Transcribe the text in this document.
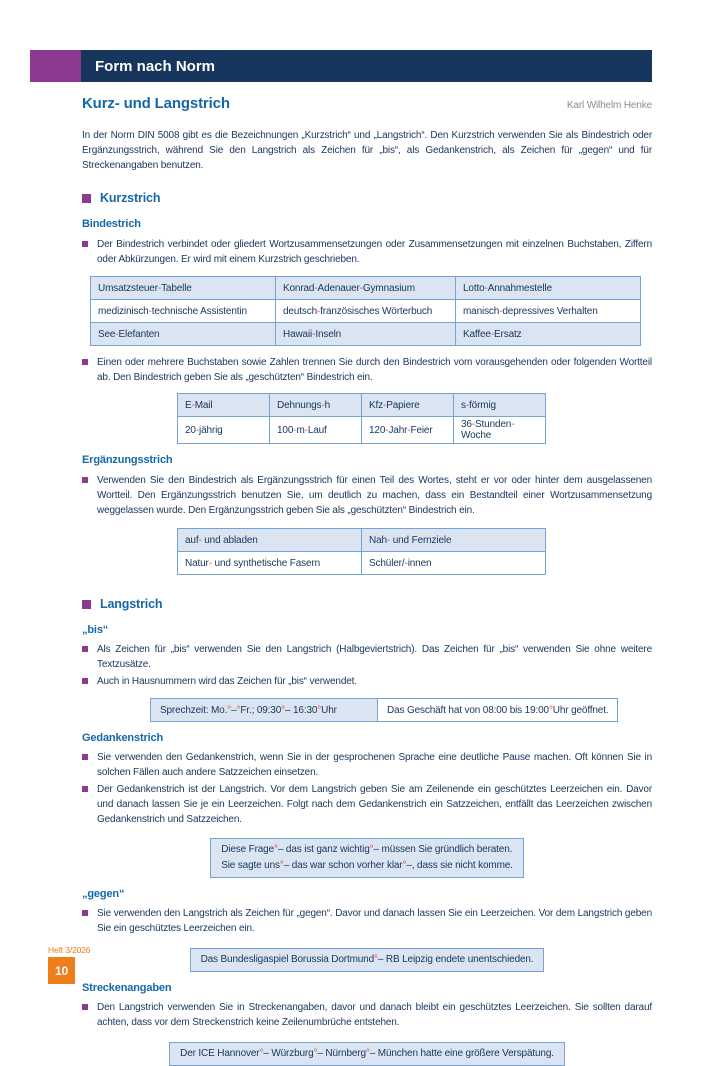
Form nach Norm
Kurz- und Langstrich	Karl Wilhelm Henke

In der Norm DIN 5008 gibt es die Bezeichnungen „Kurzstrich“ und „Langstrich“. Den Kurzstrich verwenden Sie als Bindestrich oder Ergänzungsstrich, während Sie den Langstrich als Zeichen für „bis“, als Gedankenstrich, als Zeichen für „gegen“ und für Streckenangaben benutzen.

Kurzstrich
Bindestrich
Der Bindestrich verbindet oder gliedert Wortzusammensetzungen oder Zusammensetzungen mit einzelnen Buchstaben, Ziffern oder Abkürzungen. Er wird mit einem Kurzstrich geschrieben.
Umsatzsteuer-Tabelle	Konrad-Adenauer-Gymnasium	Lotto-Annahmestelle
medizinisch-technische Assistentin	deutsch-französisches Wörterbuch	manisch-depressives Verhalten
See-Elefanten	Hawaii-Inseln	Kaffee-Ersatz
Einen oder mehrere Buchstaben sowie Zahlen trennen Sie durch den Bindestrich vom vorausgehenden oder folgenden Wortteil ab. Den Bindestrich geben Sie als „geschützten“ Bindestrich ein.
E-Mail	Dehnungs-h	Kfz-Papiere	s-förmig
20-jährig	100-m-Lauf	120-Jahr-Feier	36-Stunden-Woche
Ergänzungsstrich
Verwenden Sie den Bindestrich als Ergänzungsstrich für einen Teil des Wortes, steht er vor oder hinter dem ausgelassenen Wortteil. Den Ergänzungsstrich benutzen Sie, um deutlich zu machen, dass ein Bestandteil einer Wortzusammensetzung weggelassen wurde. Den Ergänzungsstrich geben Sie als „geschützten“ Bindestrich ein.
auf- und abladen	Nah- und Fernziele
Natur- und synthetische Fasern	Schüler/-innen
Langstrich
„bis“
Als Zeichen für „bis“ verwenden Sie den Langstrich (Halbgeviertstrich). Das Zeichen für „bis“ verwenden Sie ohne weitere Textzusätze.
Auch in Hausnummern wird das Zeichen für „bis“ verwendet.
Sprechzeit: Mo.°–°Fr.; 09:30°– 16:30°Uhr	Das Geschäft hat von 08:00 bis 19:00°Uhr geöffnet.
Gedankenstrich
Sie verwenden den Gedankenstrich, wenn Sie in der gesprochenen Sprache eine deutliche Pause machen. Oft können Sie in solchen Fällen auch andere Satzzeichen einsetzen.
Der Gedankenstrich ist der Langstrich. Vor dem Langstrich geben Sie am Zeilenende ein geschütztes Leerzeichen ein. Davor und danach lassen Sie je ein Leerzeichen. Folgt nach dem Gedankenstrich ein Satzzeichen, entfällt das Leerzeichen zwischen Gedankenstrich und Satzzeichen.
Diese Frage°– das ist ganz wichtig°– müssen Sie gründlich beraten.
Sie sagte uns°– das war schon vorher klar°–, dass sie nicht komme.
„gegen“
Sie verwenden den Langstrich als Zeichen für „gegen“. Davor und danach lassen Sie ein Leerzeichen. Vor dem Langstrich geben Sie ein geschütztes Leerzeichen ein.
Das Bundesligaspiel Borussia Dortmund°– RB Leipzig endete unentschieden.
Streckenangaben
Den Langstrich verwenden Sie in Streckenangaben, davor und danach bleibt ein geschütztes Leerzeichen. Sie sollten darauf achten, dass vor dem Streckenstrich keine Zeilenumbrüche entstehen.
Der ICE Hannover°– Würzburg°– Nürnberg°– München hatte eine größere Verspätung.
Heft 3/2026
10
